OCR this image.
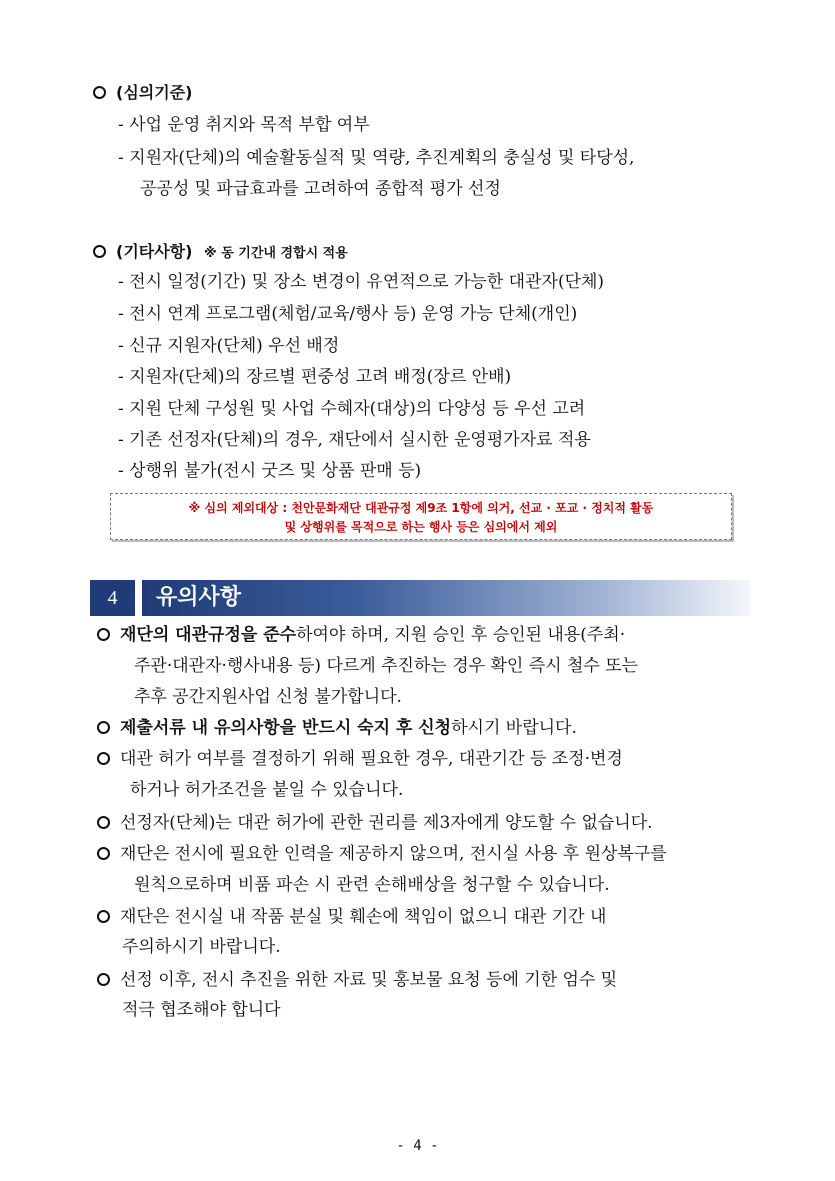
(심의기준)
- 사업 운영 취지와 목적 부합 여부
- 지원자(단체)의 예술활동실적 및 역량, 추진계획의 충실성 및 타당성,
공공성 및 파급효과를 고려하여 종합적 평가 선정
(기타사항) ※ 동 기간내 경합시 적용
- 전시 일정(기간) 및 장소 변경이 유연적으로 가능한 대관자(단체)
- 전시 연계 프로그램(체험/교육/행사 등) 운영 가능 단체(개인)
- 신규 지원자(단체) 우선 배정
- 지원자(단체)의 장르별 편중성 고려 배정(장르 안배)
- 지원 단체 구성원 및 사업 수혜자(대상)의 다양성 등 우선 고려
- 기존 선정자(단체)의 경우, 재단에서 실시한 운영평가자료 적용
- 상행위 불가(전시 굿즈 및 상품 판매 등)
※ 심의 제외대상 : 천안문화재단 대관규정 제9조 1항에 의거, 선교 · 포교 · 정치적 활동
및 상행위를 목적으로 하는 행사 등은 심의에서 제외
4	유의사항
재단의 대관규정을 준수하여야 하며, 지원 승인 후 승인된 내용(주최·
주관·대관자·행사내용 등) 다르게 추진하는 경우 확인 즉시 철수 또는
추후 공간지원사업 신청 불가합니다.
제출서류 내 유의사항을 반드시 숙지 후 신청하시기 바랍니다.
대관 허가 여부를 결정하기 위해 필요한 경우, 대관기간 등 조정·변경
하거나 허가조건을 붙일 수 있습니다.
선정자(단체)는 대관 허가에 관한 권리를 제3자에게 양도할 수 없습니다.
재단은 전시에 필요한 인력을 제공하지 않으며, 전시실 사용 후 원상복구를
원칙으로하며 비품 파손 시 관련 손해배상을 청구할 수 있습니다.
재단은 전시실 내 작품 분실 및 훼손에 책임이 없으니 대관 기간 내
주의하시기 바랍니다.
선정 이후, 전시 추진을 위한 자료 및 홍보물 요청 등에 기한 엄수 및
적극 협조해야 합니다
- 4 -
